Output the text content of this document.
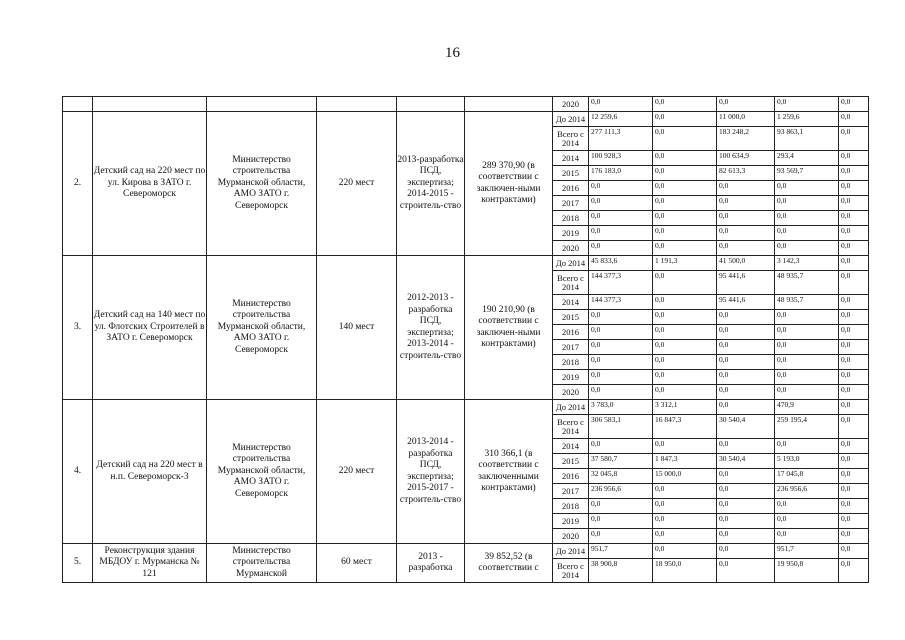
16
						2020	0,0	0,0	0,0	0,0	0,0
2.	Детский сад на 220 мест по ул. Кирова в ЗАТО г. Североморск	Министерство строительства Мурманской области, АМО ЗАТО г. Североморск	220 мест	2013-разработка ПСД, экспертиза; 2014-2015 - строитель-ство	289 370,90 (в соответствии с заключен-ными контрактами)	До 2014	12 259,6	0,0	11 000,0	1 259,6	0,0
						Всего с 2014	277 111,3	0,0	183 248,2	93 863,1	0,0
						2014	100 928,3	0,0	100 634,9	293,4	0,0
						2015	176 183,0	0,0	82 613,3	93 569,7	0,0
						2016	0,0	0,0	0,0	0,0	0,0
						2017	0,0	0,0	0,0	0,0	0,0
						2018	0,0	0,0	0,0	0,0	0,0
						2019	0,0	0,0	0,0	0,0	0,0
						2020	0,0	0,0	0,0	0,0	0,0
3.	Детский сад на 140 мест по ул. Флотских Строителей в ЗАТО г. Североморск	Министерство строительства Мурманской области, АМО ЗАТО г. Североморск	140 мест	2012-2013 - разработка ПСД, экспертиза; 2013-2014 - строитель-ство	190 210,90 (в соответствии с заключен-ными контрактами)	До 2014	45 833,6	1 191,3	41 500,0	3 142,3	0,0
						Всего с 2014	144 377,3	0,0	95 441,6	48 935,7	0,0
						2014	144 377,3	0,0	95 441,6	48 935,7	0,0
						2015	0,0	0,0	0,0	0,0	0,0
						2016	0,0	0,0	0,0	0,0	0,0
						2017	0,0	0,0	0,0	0,0	0,0
						2018	0,0	0,0	0,0	0,0	0,0
						2019	0,0	0,0	0,0	0,0	0,0
						2020	0,0	0,0	0,0	0,0	0,0
4.	Детский сад на 220 мест в н.п. Североморск-3	Министерство строительства Мурманской области, АМО ЗАТО г. Североморск	220 мест	2013-2014 - разработка ПСД, экспертиза; 2015-2017 - строитель-ство	310 366,1 (в соответствии с заключенными контрактами)	До 2014	3 783,0	3 312,1	0,0	470,9	0,0
						Всего с 2014	306 583,1	16 847,3	30 540,4	259 195,4	0,0
						2014	0,0	0,0	0,0	0,0	0,0
						2015	37 580,7	1 847,3	30 540,4	5 193,0	0,0
						2016	32 045,8	15 000,0	0,0	17 045,8	0,0
						2017	236 956,6	0,0	0,0	236 956,6	0,0
						2018	0,0	0,0	0,0	0,0	0,0
						2019	0,0	0,0	0,0	0,0	0,0
						2020	0,0	0,0	0,0	0,0	0,0
5.	Реконструкция здания МБДОУ г. Мурманска № 121	Министерство строительства Мурманской	60 мест	2013 - разработка	39 852,52 (в соответствии с	До 2014	951,7	0,0	0,0	951,7	0,0
						Всего с 2014	38 900,8	18 950,0	0,0	19 950,8	0,0
